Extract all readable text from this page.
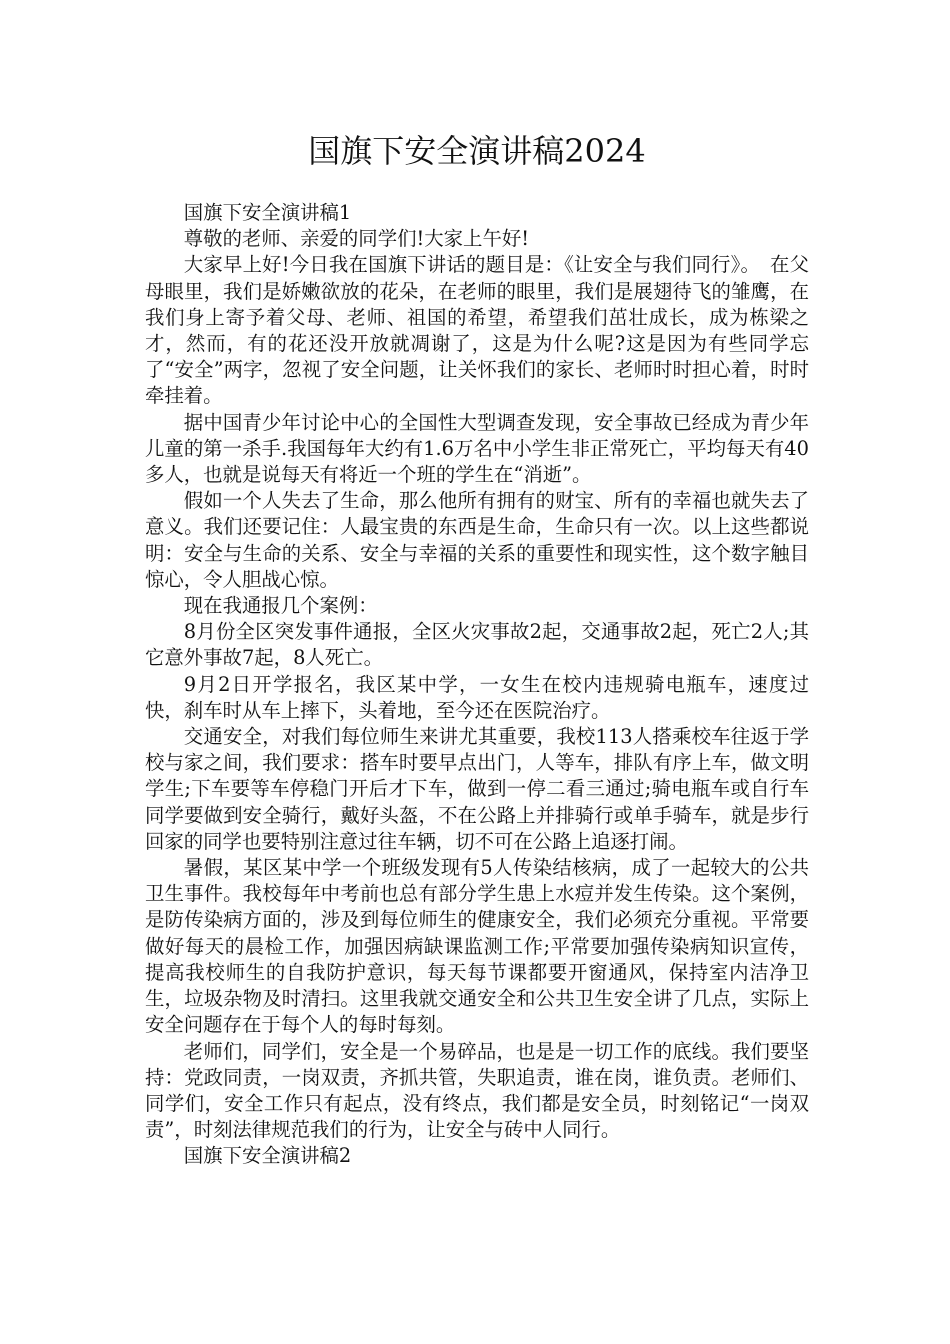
国旗下安全演讲稿2024

国旗下安全演讲稿1

尊敬的老师、亲爱的同学们!大家上午好!

大家早上好!今日我在国旗下讲话的题目是：《让安全与我们同行》。　在父母眼里，我们是娇嫩欲放的花朵，在老师的眼里，我们是展翅待飞的雏鹰，在我们身上寄予着父母、老师、祖国的希望，希望我们茁壮成长，成为栋梁之才，然而，有的花还没开放就凋谢了，这是为什么呢?这是因为有些同学忘了“安全”两字，忽视了安全问题，让关怀我们的家长、老师时时担心着，时时牵挂着。

据中国青少年讨论中心的全国性大型调查发现，安全事故已经成为青少年儿童的第一杀手.我国每年大约有1.6万名中小学生非正常死亡，平均每天有40多人，也就是说每天有将近一个班的学生在“消逝”。

假如一个人失去了生命，那么他所有拥有的财宝、所有的幸福也就失去了意义。我们还要记住：人最宝贵的东西是生命，生命只有一次。以上这些都说明：安全与生命的关系、安全与幸福的关系的重要性和现实性，这个数字触目惊心，令人胆战心惊。

现在我通报几个案例：

8月份全区突发事件通报，全区火灾事故2起，交通事故2起，死亡2人;其它意外事故7起，8人死亡。

9月2日开学报名，我区某中学，一女生在校内违规骑电瓶车，速度过快，刹车时从车上摔下，头着地，至今还在医院治疗。

交通安全，对我们每位师生来讲尤其重要，我校113人搭乘校车往返于学校与家之间，我们要求：搭车时要早点出门，人等车，排队有序上车，做文明学生;下车要等车停稳门开后才下车，做到一停二看三通过;骑电瓶车或自行车同学要做到安全骑行，戴好头盔，不在公路上并排骑行或单手骑车，就是步行回家的同学也要特别注意过往车辆，切不可在公路上追逐打闹。

暑假，某区某中学一个班级发现有5人传染结核病，成了一起较大的公共卫生事件。我校每年中考前也总有部分学生患上水痘并发生传染。这个案例，是防传染病方面的，涉及到每位师生的健康安全，我们必须充分重视。平常要做好每天的晨检工作，加强因病缺课监测工作;平常要加强传染病知识宣传，提高我校师生的自我防护意识，每天每节课都要开窗通风，保持室内洁净卫生，垃圾杂物及时清扫。这里我就交通安全和公共卫生安全讲了几点，实际上安全问题存在于每个人的每时每刻。

老师们，同学们，安全是一个易碎品，也是是一切工作的底线。我们要坚持：党政同责，一岗双责，齐抓共管，失职追责，谁在岗，谁负责。老师们、同学们，安全工作只有起点，没有终点，我们都是安全员，时刻铭记“一岗双责”，时刻法律规范我们的行为，让安全与砖中人同行。

国旗下安全演讲稿2
